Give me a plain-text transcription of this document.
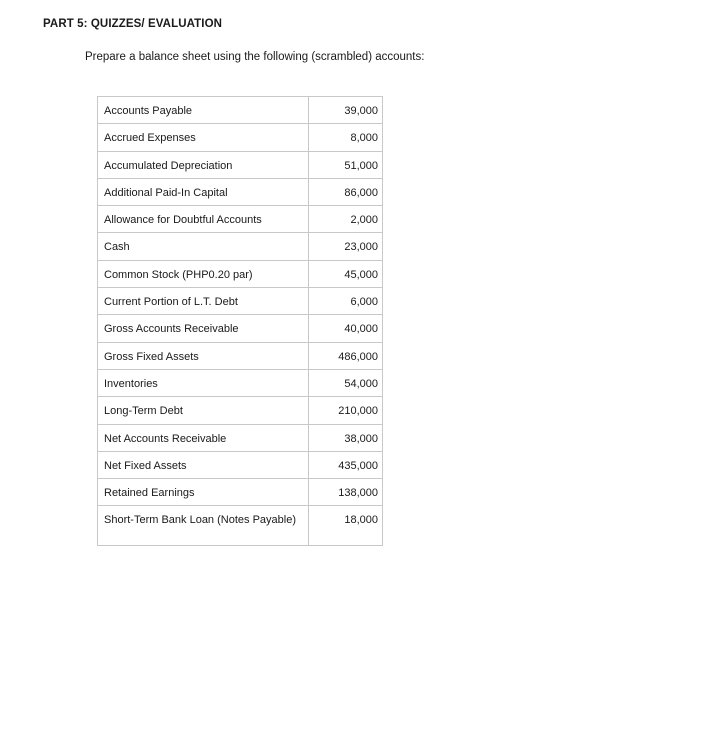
PART 5: QUIZZES/ EVALUATION
Prepare a balance sheet using the following (scrambled) accounts:
Accounts Payable	39,000
Accrued Expenses	8,000
Accumulated Depreciation	51,000
Additional Paid-In Capital	86,000
Allowance for Doubtful Accounts	2,000
Cash	23,000
Common Stock (PHP0.20 par)	45,000
Current Portion of L.T. Debt	6,000
Gross Accounts Receivable	40,000
Gross Fixed Assets	486,000
Inventories	54,000
Long-Term Debt	210,000
Net Accounts Receivable	38,000
Net Fixed Assets	435,000
Retained Earnings	138,000
Short-Term Bank Loan (Notes Payable)	18,000
